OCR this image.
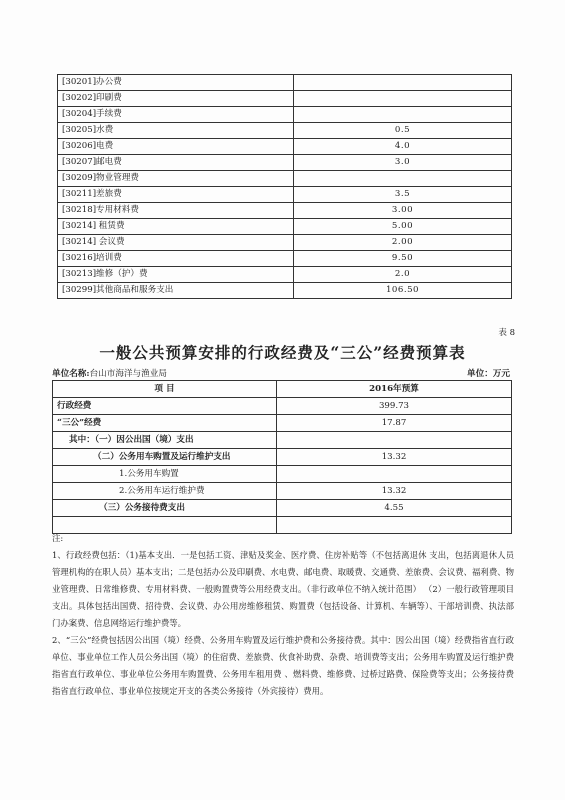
[30201]办公费	
[30202]印刷费	
[30204]手续费	
[30205]水费	0.5
[30206]电费	4.0
[30207]邮电费	3.0
[30209]物业管理费	
[30211]差旅费	3.5
[30218]专用材料费	3.00
[30214] 租赁费	5.00
[30214] 会议费	2.00
[30216]培训费	9.50
[30213]维修（护）费	2.0
[30299]其他商品和服务支出	106.50
表 8
一般公共预算安排的行政经费及“三公”经费预算表
单位名称:台山市海洋与渔业局	单位：万元
项 目	2016年预算
行政经费	399.73
“三公”经费	17.87
其中：（一）因公出国（境）支出	
（二）公务用车购置及运行维护支出	13.32
1.公务用车购置	
2.公务用车运行维护费	13.32
（三）公务接待费支出	4.55

注:

1、行政经费包括：（1)基本支出．一是包括工资、津贴及奖金、医疗费、住房补贴等（不包括离退休 支出，包括离退休人员管理机构的在职人员）基本支出；二是包括办公及印刷费、水电费、邮电费、取暖费、交通费、差旅费、会议费、福利费、物业管理费、日常维修费、专用材料费、一般购置费等公用经费支出。（非行政单位不纳入统计范围） （2）一般行政管理项目支出。具体包括出国费、招待费、会议费、办公用房维修租赁、购置费（包括设备、计算机、车辆等）、干部培训费、执法部门办案费、信息网络运行维护费等。

2、“三公”经费包括因公出国（境）经费、公务用车购置及运行维护费和公务接待费。其中：因公出国（境）经费指省直行政单位、事业单位工作人员公务出国（境）的住宿费、差旅费、伙食补助费、杂费、培训费等支出；公务用车购置及运行维护费指省直行政单位、事业单位公务用车购置费、公务用车租用费 、燃料费、维修费、过桥过路费、保险费等支出；公务接待费指省直行政单位、事业单位按规定开支的各类公务接待（外宾接待）费用。
